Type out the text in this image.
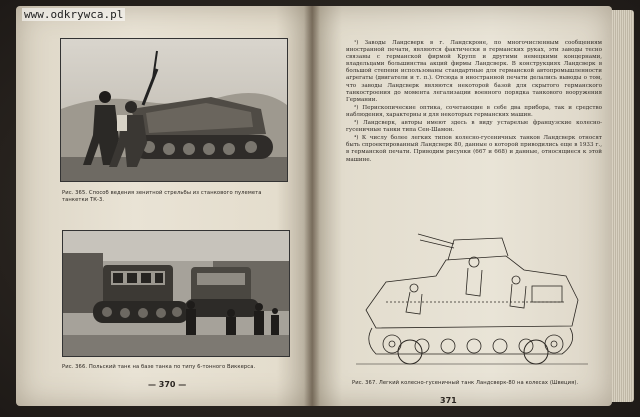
www.odkrywca.pl
Рис. 365. Способ ведения зенитной стрельбы из станкового пулемета танкетки ТК-3.
Рис. 366. Польский танк на базе танка по типу 6-тонного Виккерса.
— 370 —

¹) Заводы Ландсверк в г. Ландскроне, по многочисленным сообщениям иностранной печати, являются фактически в германских руках, эти заводы тесно связаны с германской фирмой Крупп и другими немецкими концернами, владельцами большинства акций фирмы Ландсверк. В конструкциях Ландсверк в большой степени использованы стандартные для германской автопромышленности агрегаты (двигатели и т. п.). Отсюда в иностранной печати делались выводы о том, что заводы Ландсверк являются некоторой базой для скрытого германского танкостроения до момента легализации военного порядка танкового вооружения Германии.

²) Перископические оптика, сочетающие в себе два прибора, так и средство наблюдения, характерны и для некоторых германских машин.

³) Ландсверк, авторы имеют здесь в виду устарелые французские колесно-гусеничные танки типа Сен-Шамон.

⁴) К числу более легких типов колесно-гусеничных танков Ландсверк относят быть спроектированный Ландсверк 80, данные о которой приводились еще в 1933 г., в германской печати. Приводим рисунки (667 и 668) и данные, относящиеся к этой машине.

Рис. 367. Легкий колесно-гусеничный танк Ландсверк-80 на колесах (Швеция).
371
